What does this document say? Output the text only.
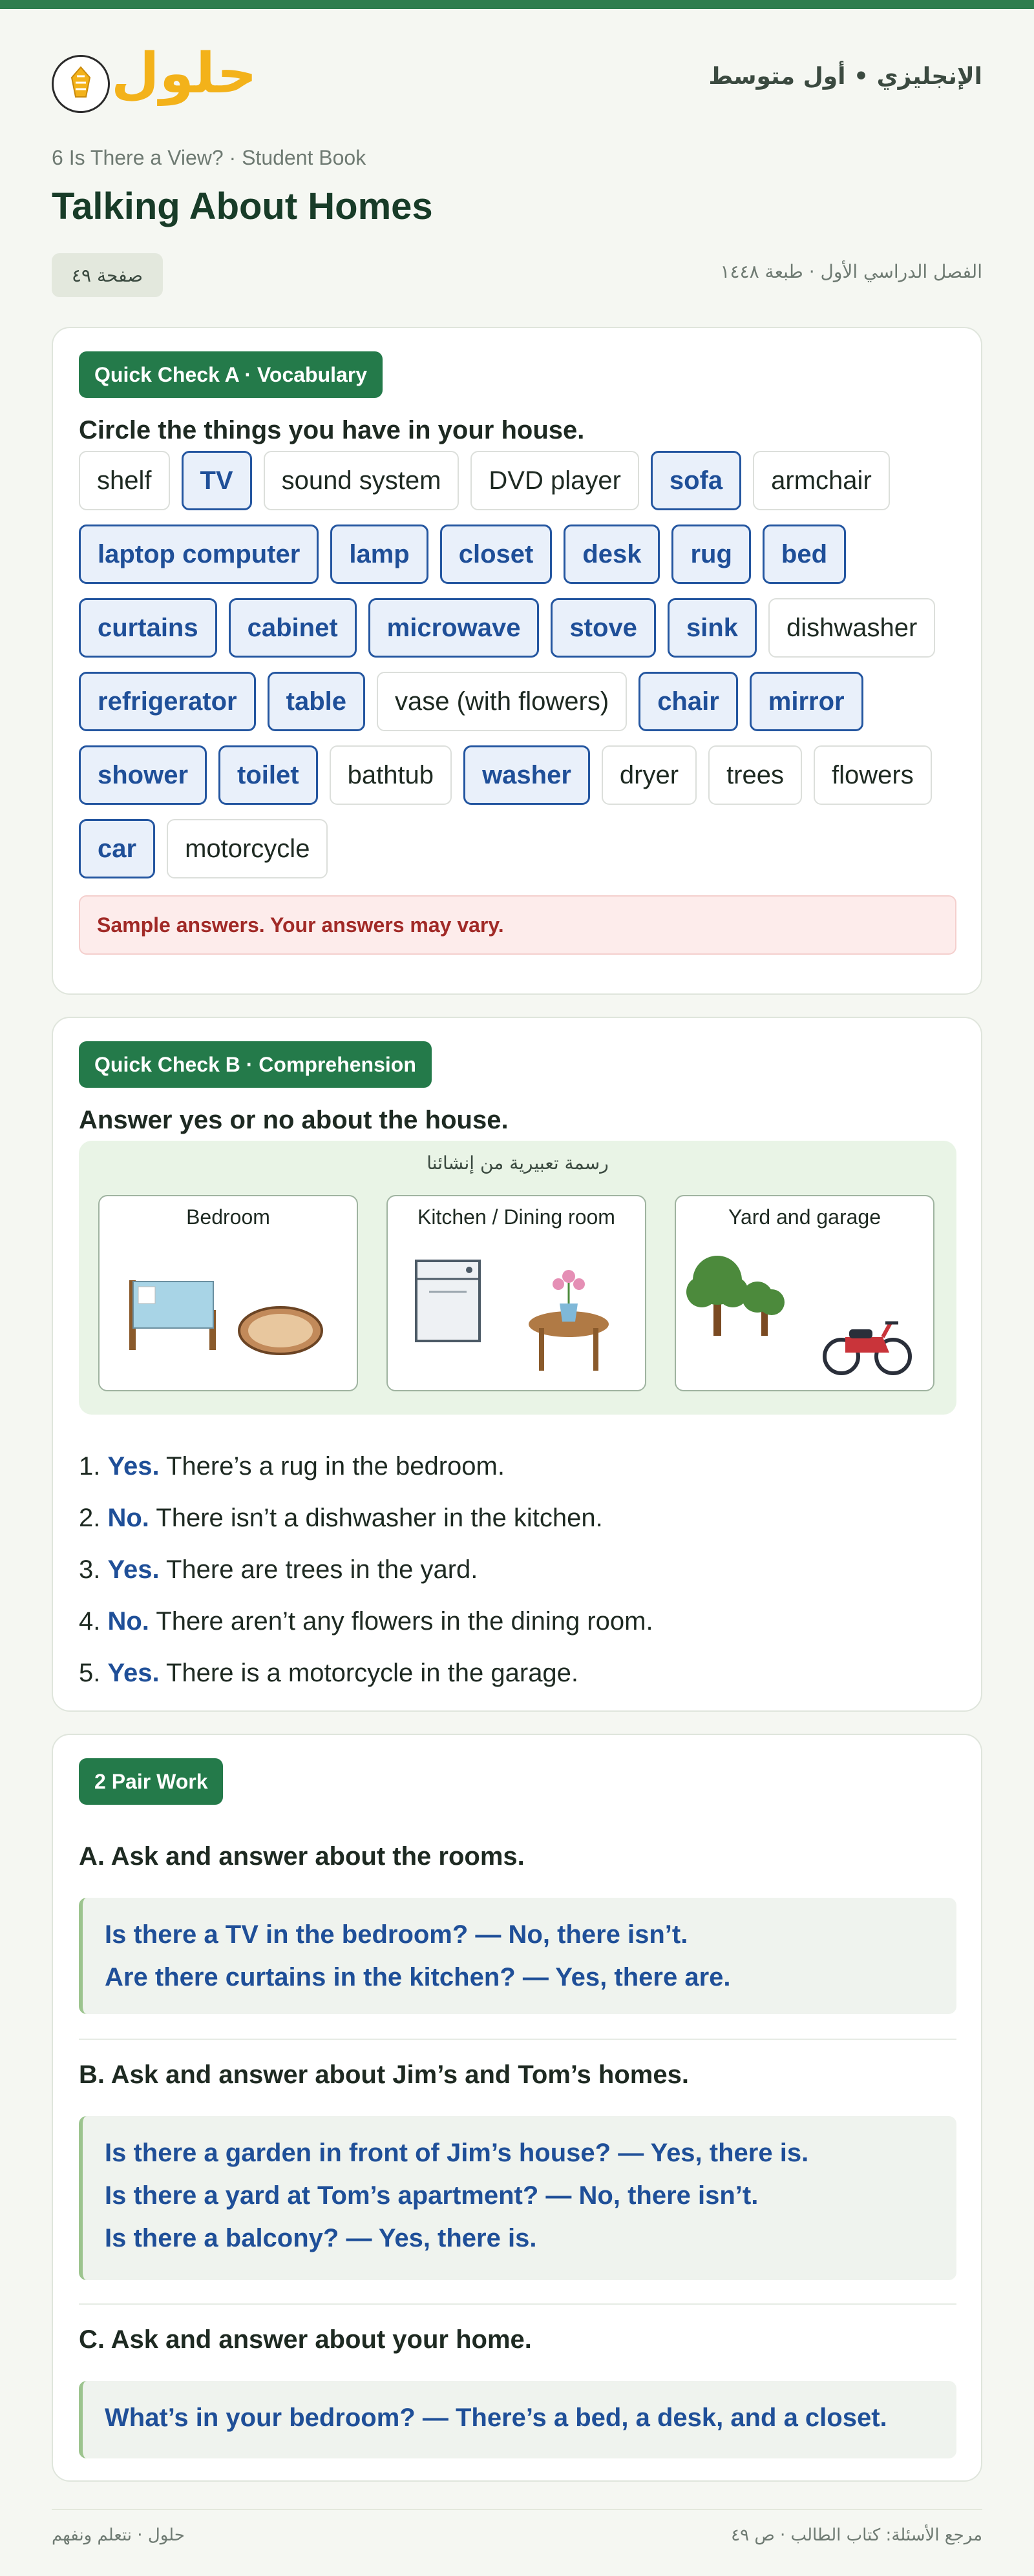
حلول	الإنجليزي • أول متوسط
6 Is There a View? · Student Book
Talking About Homes
صفحة ٤٩	الفصل الدراسي الأول · طبعة ١٤٤٨
Quick Check A · Vocabulary
Circle the things you have in your house.
shelf	TV	sound system	DVD player	sofa	armchair
laptop computer	lamp	closet	desk	rug	bed
curtains	cabinet	microwave	stove	sink	dishwasher
refrigerator	table	vase (with flowers)	chair	mirror
shower	toilet	bathtub	washer	dryer	trees	flowers
car	motorcycle
Sample answers. Your answers may vary.
Quick Check B · Comprehension
Answer yes or no about the house.
رسمة تعبيرية من إنشائنا
Bedroom	Kitchen / Dining room	Yard and garage
1. Yes. There’s a rug in the bedroom.
2. No. There isn’t a dishwasher in the kitchen.
3. Yes. There are trees in the yard.
4. No. There aren’t any flowers in the dining room.
5. Yes. There is a motorcycle in the garage.
2 Pair Work
A. Ask and answer about the rooms.
Is there a TV in the bedroom? — No, there isn’t.
Are there curtains in the kitchen? — Yes, there are.
B. Ask and answer about Jim’s and Tom’s homes.
Is there a garden in front of Jim’s house? — Yes, there is.
Is there a yard at Tom’s apartment? — No, there isn’t.
Is there a balcony? — Yes, there is.
C. Ask and answer about your home.
What’s in your bedroom? — There’s a bed, a desk, and a closet.
حلول · نتعلم ونفهم	مرجع الأسئلة: كتاب الطالب · ص ٤٩
